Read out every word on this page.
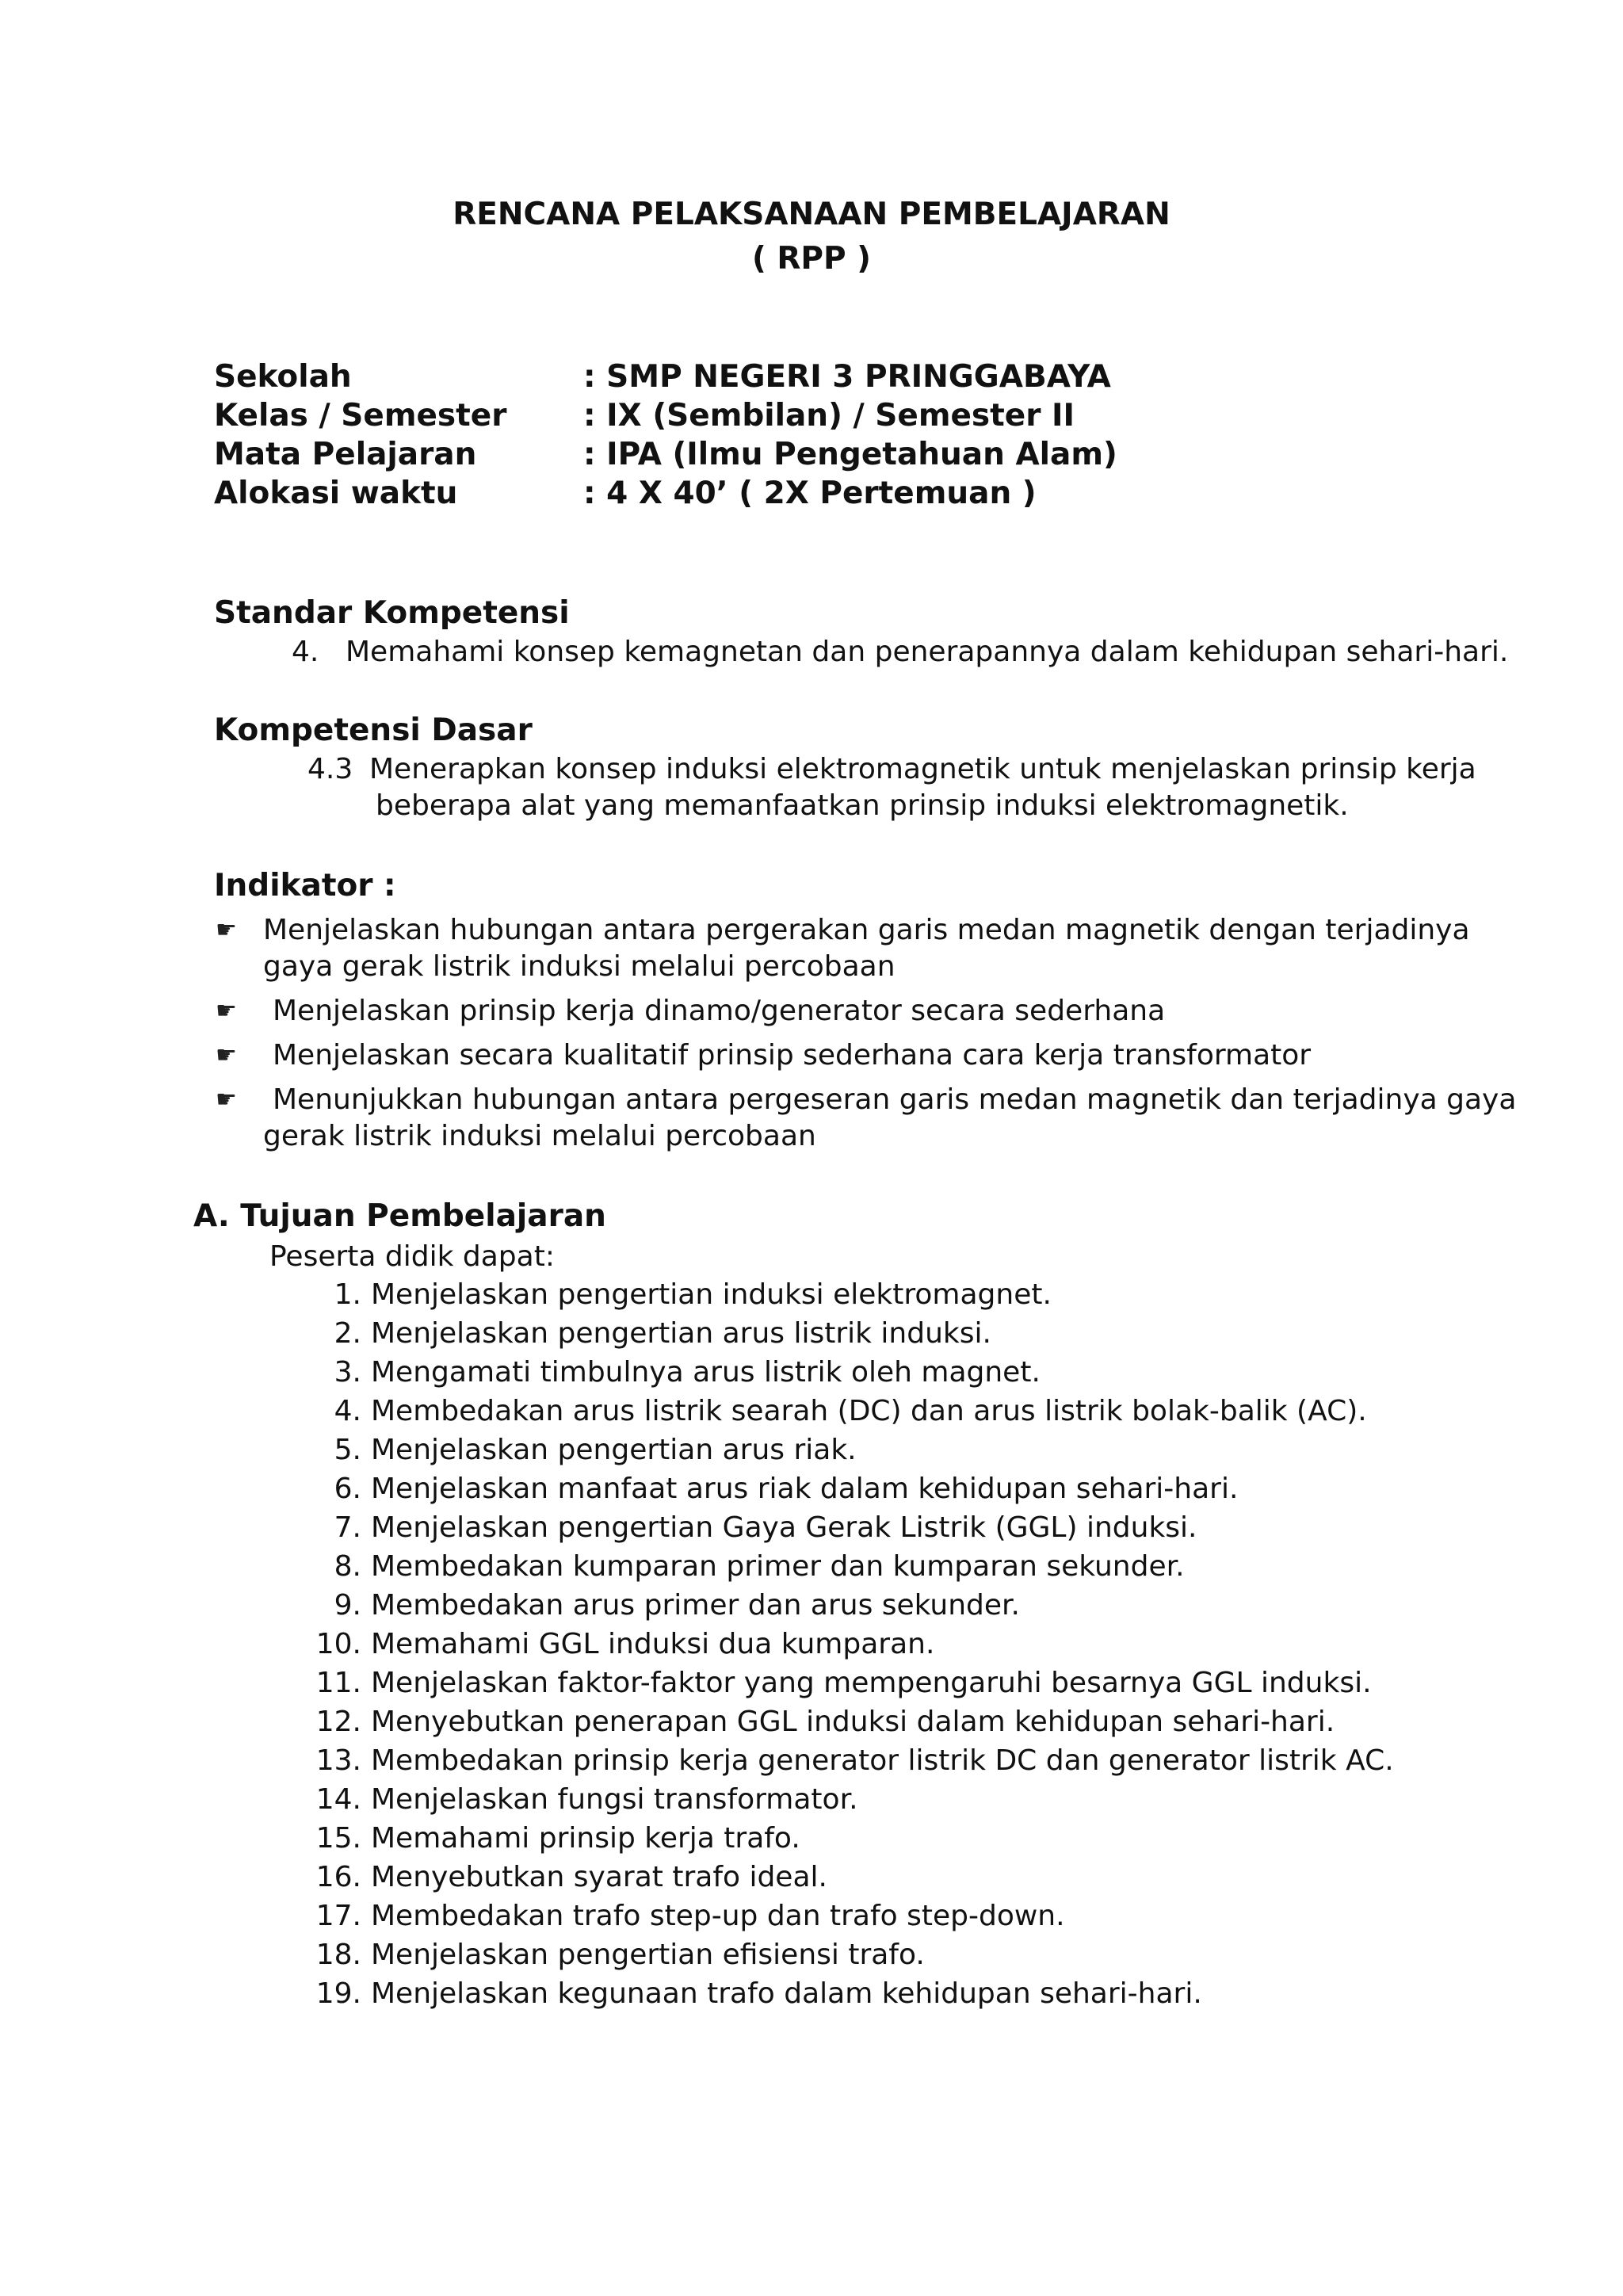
RENCANA PELAKSANAAN PEMBELAJARAN
( RPP )
Sekolah	: SMP NEGERI 3 PRINGGABAYA
Kelas / Semester : IX (Sembilan) / Semester II
Mata Pelajaran	: IPA (Ilmu Pengetahuan Alam)
Alokasi waktu	: 4 X 40’ ( 2X Pertemuan )
Standar Kompetensi
4. Memahami konsep kemagnetan dan penerapannya dalam kehidupan sehari-hari.
Kompetensi Dasar
4.3 Menerapkan konsep induksi elektromagnetik untuk menjelaskan prinsip kerja
beberapa alat yang memanfaatkan prinsip induksi elektromagnetik.
Indikator :
☛ Menjelaskan hubungan antara pergerakan garis medan magnetik dengan terjadinya
gaya gerak listrik induksi melalui percobaan
☛ Menjelaskan prinsip kerja dinamo/generator secara sederhana
☛ Menjelaskan secara kualitatif prinsip sederhana cara kerja transformator
☛ Menunjukkan hubungan antara pergeseran garis medan magnetik dan terjadinya gaya
gerak listrik induksi melalui percobaan
A. Tujuan Pembelajaran
Peserta didik dapat:
1. Menjelaskan pengertian induksi elektromagnet.
2. Menjelaskan pengertian arus listrik induksi.
3. Mengamati timbulnya arus listrik oleh magnet.
4. Membedakan arus listrik searah (DC) dan arus listrik bolak-balik (AC).
5. Menjelaskan pengertian arus riak.
6. Menjelaskan manfaat arus riak dalam kehidupan sehari-hari.
7. Menjelaskan pengertian Gaya Gerak Listrik (GGL) induksi.
8. Membedakan kumparan primer dan kumparan sekunder.
9. Membedakan arus primer dan arus sekunder.
10. Memahami GGL induksi dua kumparan.
11. Menjelaskan faktor-faktor yang mempengaruhi besarnya GGL induksi.
12. Menyebutkan penerapan GGL induksi dalam kehidupan sehari-hari.
13. Membedakan prinsip kerja generator listrik DC dan generator listrik AC.
14. Menjelaskan fungsi transformator.
15. Memahami prinsip kerja trafo.
16. Menyebutkan syarat trafo ideal.
17. Membedakan trafo step-up dan trafo step-down.
18. Menjelaskan pengertian efisiensi trafo.
19. Menjelaskan kegunaan trafo dalam kehidupan sehari-hari.
